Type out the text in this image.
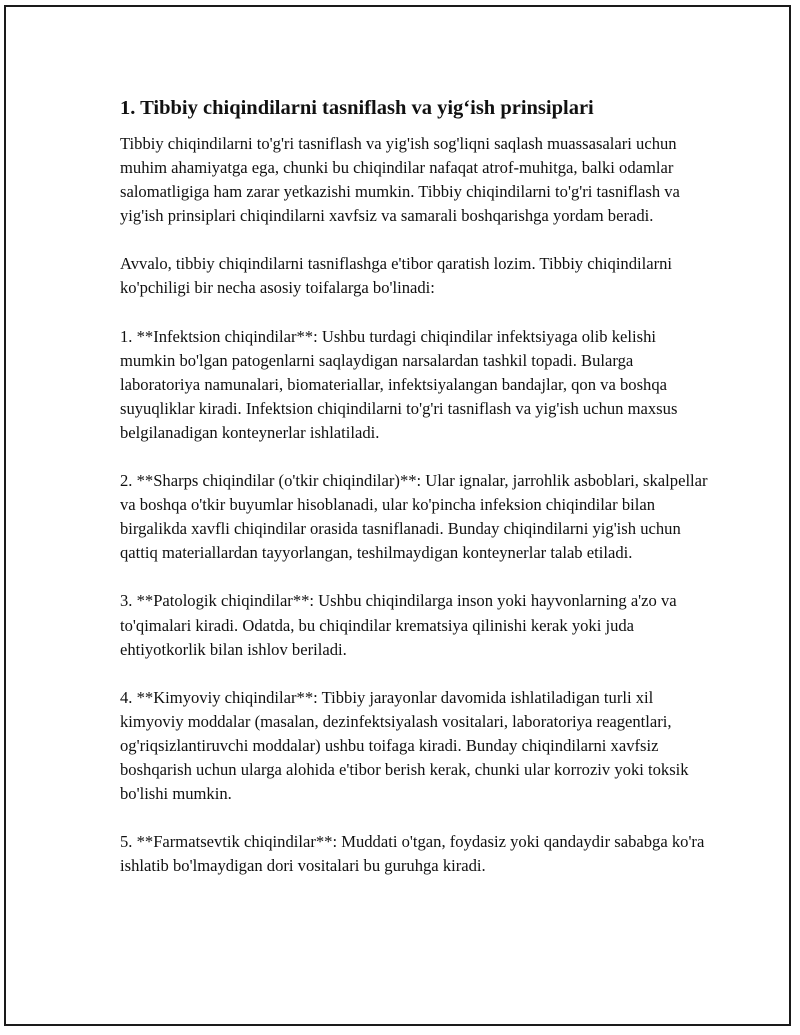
1. Tibbiy chiqindilarni tasniflash va yig‘ish prinsiplari

Tibbiy chiqindilarni to'g'ri tasniflash va yig'ish sog'liqni saqlash muassasalari uchun muhim ahamiyatga ega, chunki bu chiqindilar nafaqat atrof-muhitga, balki odamlar salomatligiga ham zarar yetkazishi mumkin. Tibbiy chiqindilarni to'g'ri tasniflash va yig'ish prinsiplari chiqindilarni xavfsiz va samarali boshqarishga yordam beradi.

Avvalo, tibbiy chiqindilarni tasniflashga e'tibor qaratish lozim. Tibbiy chiqindilarni ko'pchiligi bir necha asosiy toifalarga bo'linadi:

1. **Infektsion chiqindilar**: Ushbu turdagi chiqindilar infektsiyaga olib kelishi mumkin bo'lgan patogenlarni saqlaydigan narsalardan tashkil topadi. Bularga laboratoriya namunalari, biomateriallar, infektsiyalangan bandajlar, qon va boshqa suyuqliklar kiradi. Infektsion chiqindilarni to'g'ri tasniflash va yig'ish uchun maxsus belgilanadigan konteynerlar ishlatiladi.

2. **Sharps chiqindilar (o'tkir chiqindilar)**: Ular ignalar, jarrohlik asboblari, skalpellar va boshqa o'tkir buyumlar hisoblanadi, ular ko'pincha infeksion chiqindilar bilan birgalikda xavfli chiqindilar orasida tasniflanadi. Bunday chiqindilarni yig'ish uchun qattiq materiallardan tayyorlangan, teshilmaydigan konteynerlar talab etiladi.

3. **Patologik chiqindilar**: Ushbu chiqindilarga inson yoki hayvonlarning a'zo va to'qimalari kiradi. Odatda, bu chiqindilar krematsiya qilinishi kerak yoki juda ehtiyotkorlik bilan ishlov beriladi.

4. **Kimyoviy chiqindilar**: Tibbiy jarayonlar davomida ishlatiladigan turli xil kimyoviy moddalar (masalan, dezinfektsiyalash vositalari, laboratoriya reagentlari, og'riqsizlantiruvchi moddalar) ushbu toifaga kiradi. Bunday chiqindilarni xavfsiz boshqarish uchun ularga alohida e'tibor berish kerak, chunki ular korroziv yoki toksik bo'lishi mumkin.

5. **Farmatsevtik chiqindilar**: Muddati o'tgan, foydasiz yoki qandaydir sababga ko'ra ishlatib bo'lmaydigan dori vositalari bu guruhga kiradi.
